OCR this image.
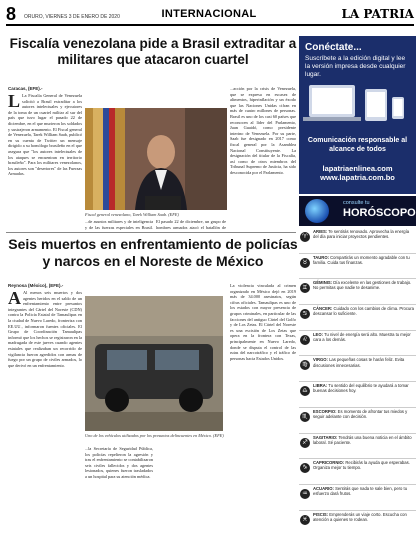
8	ORURO, VIERNES 3 DE ENERO DE 2020	INTERNACIONAL	LA PATRIA
Fiscalía venezolana pide a Brasil extraditar a militares que atacaron cuartel
Caracas, (EFE).-
L La Fiscalía General de Venezuela solicitó a Brasil extraditar a los autores intelectuales y ejecutores de la toma de un cuartel militar al sur del país que tuvo lugar el pasado 22 de diciembre, en el que murieron los soldados y sustrajeron armamento. El Fiscal general de Venezuela, Tarek William Saab, publicó en su cuenta de Twitter un mensaje dirigido a su homólogo brasileño en el que asegura que "los autores intelectuales de los ataques se encuentran en territorio brasileño". Para los militares venezolanos, los autores son "desertores" de las Fuerzas Armadas.
Fiscal general venezolano, Tarek William Saab. (EFE)
...de asuntos militares y de inteligencia y de las fuerzas especiales en Brasil.
El pasado 22 de diciembre, un grupo de hombres armados atacó el batallón de
...acción por la crisis de Venezuela, que se expresa en escasez de alimentos, hiperinflación y un éxodo que las Naciones Unidas cifran en más de cuatro millones de personas. Brasil es uno de los casi 60 países que reconocen al líder del Parlamento, Juan Guaidó, como presidente interino de Venezuela. Por su parte, Saab fue designado en 2017 como fiscal general por la Asamblea Nacional Constituyente. La designación del titular de la Fiscalía, así como de otros miembros del Tribunal Supremo de Justicia, ha sido desconocida por el Parlamento.
Seis muertos en enfrentamiento de policías y narcos en el Noreste de México
Reynosa (México), (EFE).-
A Al menos seis muertos y dos agentes heridos en el saldo de un enfrentamiento entre presuntos integrantes del Cártel del Noreste (CDN) contra la Policía Estatal de Tamaulipas en la ciudad de Nuevo Laredo, fronteriza con EE.UU., informaron fuentes oficiales. El Grupo de Coordinación Tamaulipas informó que los hechos se registraron en la madrugada de este jueves cuando agentes estatales que realizaban un recorrido de vigilancia fueron agredidos con armas de fuego por un grupo de civiles armados, lo que derivó en un enfrentamiento.
Uno de los vehículos utilizados por los presuntos delincuentes en México. (EFE)
...la Secretaría de Seguridad Pública, los policías repelieron la agresión y tras el enfrentamiento se contabilizaron seis civiles fallecidos y dos agentes lesionados, quienes fueron trasladados a un hospital para su atención médica.
La violencia vinculada al crimen organizado en México dejó en 2019 más de 34.000 asesinatos, según cifras oficiales. Tamaulipas es uno de los estados con mayor presencia de grupos criminales, en particular de las facciones del antiguo Cártel del Golfo y de Los Zetas. El Cártel del Noreste es una escisión de Los Zetas que opera en la frontera con Texas, principalmente en Nuevo Laredo, donde se disputa el control de las rutas del narcotráfico y el tráfico de personas hacia Estados Unidos.
Conéctate...
Suscríbete a la edición digital y lee la versión impresa desde cualquier lugar.
Comunicación responsable al alcance de todos
lapatriaenlinea.com
www.lapatria.com.bo
consulte tu
HORÓSCOPO
♈
ARIES: Te sentirás renovado. Aprovecha la energía del día para iniciar proyectos pendientes.
♉
TAURO: Compartirás un momento agradable con tu familia. Cuida tus finanzas.
♊
GÉMINIS: Día excelente en las gestiones de trabajo. No permitas que nadie te desanime.
♋
CÁNCER: Cuidado con los cambios de clima. Procura descansar lo suficiente.
♌
LEO: Tu nivel de energía será alto. Muestra tu mejor cara a los demás.
♍
VIRGO: Las pequeñas cosas te harán feliz. Evita discusiones innecesarias.
♎
LIBRA: Tu sentido del equilibrio te ayudará a tomar buenas decisiones hoy.
♏
ESCORPIO: Es momento de afrontar tus miedos y seguir adelante con decisión.
♐
SAGITARIO: Tendrás una buena noticia en el ámbito laboral. Sé paciente.
♑
CAPRICORNIO: Recibirás la ayuda que esperabas. Organiza mejor tu tiempo.
♒
ACUARIO: Sentirás que nada te sale bien, pero tu esfuerzo dará frutos.
♓
PISCIS: Emprenderás un viaje corto. Escucha con atención a quienes te rodean.
